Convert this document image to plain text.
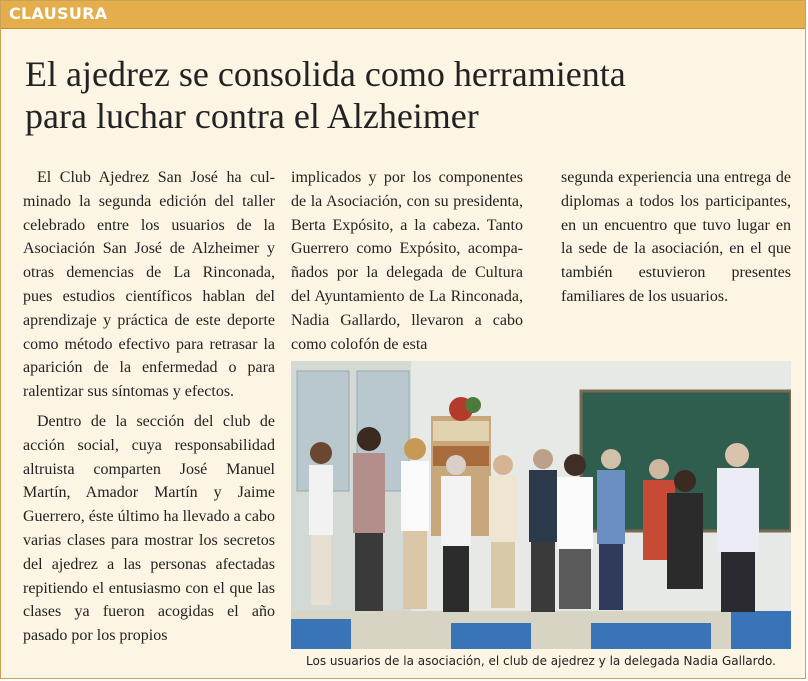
CLAUSURA
El ajedrez se consolida como herramienta
para luchar contra el Alzheimer

El Club Ajedrez San José ha culminado la segunda edición del taller celebrado entre los usuarios de la Asociación San José de Alzheimer y otras demencias de La Rinconada, pues estudios científicos hablan del aprendizaje y práctica de este deporte como método efectivo para retrasar la aparición de la enfermedad o para ralentizar sus síntomas y efectos.

Dentro de la sección del club de acción social, cuya responsabilidad altruista comparten José Manuel Martín, Amador Martín y Jaime Guerrero, éste último ha llevado a cabo varias clases para mostrar los secretos del ajedrez a las personas afectadas repitiendo el entusiasmo con el que las clases ya fueron acogidas el año pasado por los propios

implicados y por los componentes de la Asociación, con su presidenta, Berta Expósito, a la cabeza. Tanto Guerrero como Expósito, acompañados por la delegada de Cultura del Ayuntamiento de La Rinconada, Nadia Gallardo, llevaron a cabo como colofón de esta

segunda experiencia una entrega de diplomas a todos los participantes, en un encuentro que tuvo lugar en la sede de la asociación, en el que también estuvieron presentes familiares de los usuarios.

Los usuarios de la asociación, el club de ajedrez y la delegada Nadia Gallardo.
